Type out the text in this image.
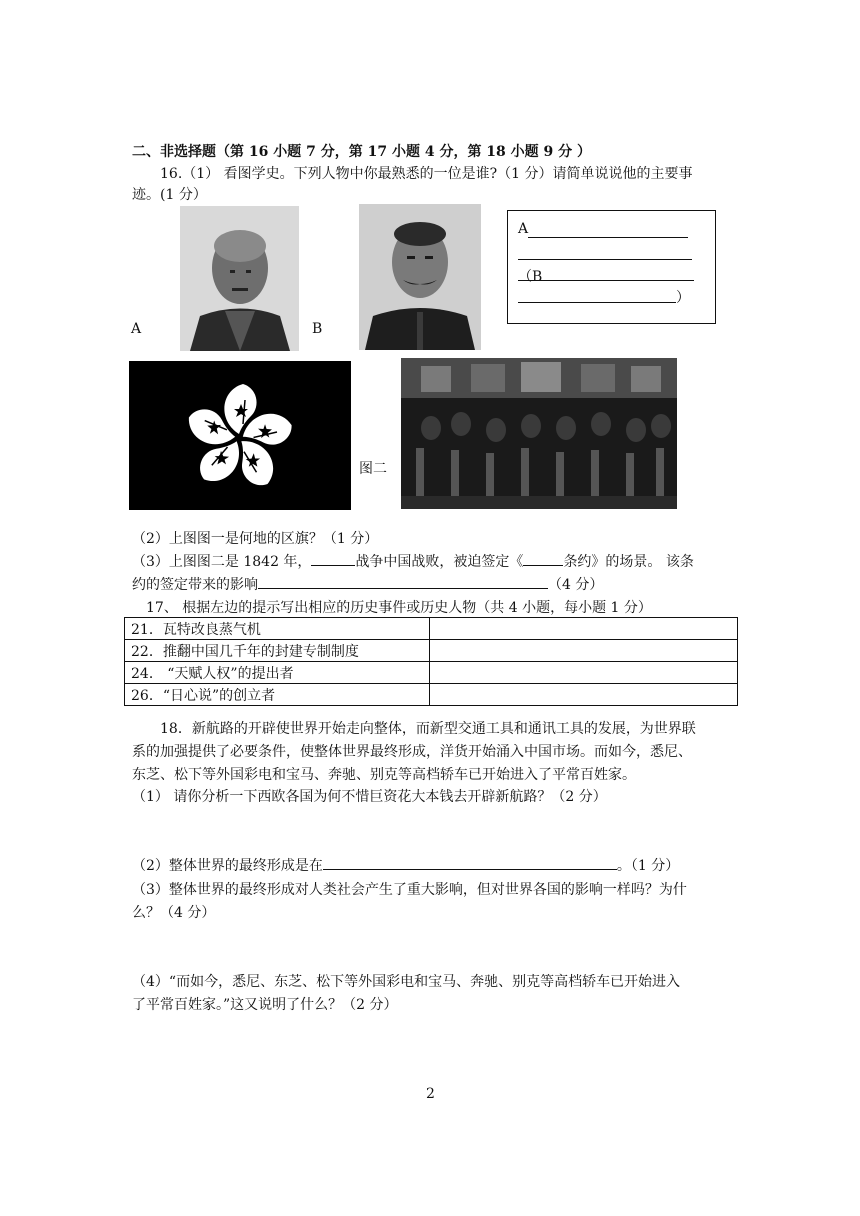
二、非选择题（第 16 小题 7 分，第 17 小题 4 分，第 18 小题 9 分 ）
16.（1） 看图学史。下列人物中你最熟悉的一位是谁?（1 分）请简单说说他的主要事
迹。(1 分）
A	B
A
（B
）
图二
（2）上图图一是何地的区旗？（1 分）
（3）上图图二是 1842 年，	战争中国战败，被迫签定《	条约》的场景。 该条
约的签定带来的影响	（4 分）
17、 根据左边的提示写出相应的历史事件或历史人物（共 4 小题，每小题 1 分）
21．瓦特改良蒸气机	
22．推翻中国几千年的封建专制制度	
24． “天赋人权”的提出者	
26．“日心说”的创立者	
18．新航路的开辟使世界开始走向整体，而新型交通工具和通讯工具的发展，为世界联
系的加强提供了必要条件，使整体世界最终形成，洋货开始涌入中国市场。而如今，悉尼、
东芝、松下等外国彩电和宝马、奔驰、别克等高档轿车已开始进入了平常百姓家。
（1） 请你分析一下西欧各国为何不惜巨资花大本钱去开辟新航路？（2 分）
（2）整体世界的最终形成是在	。（1 分）
（3）整体世界的最终形成对人类社会产生了重大影响，但对世界各国的影响一样吗？为什
么？（4 分）
（4）“而如今，悉尼、东芝、松下等外国彩电和宝马、奔驰、别克等高档轿车已开始进入
了平常百姓家。”这又说明了什么？（2 分）
2
